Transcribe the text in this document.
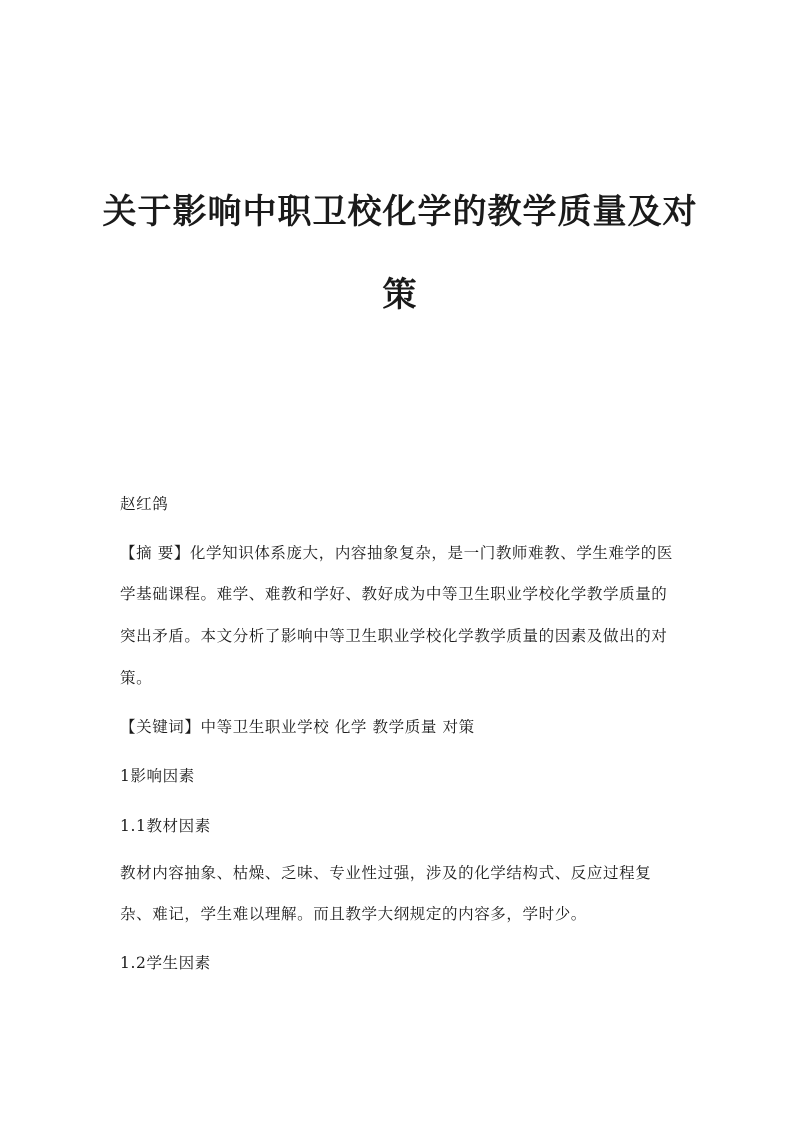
关于影响中职卫校化学的教学质量及对
策
赵红鸽
【摘 要】化学知识体系庞大，内容抽象复杂，是一门教师难教、学生难学的医
学基础课程。难学、难教和学好、教好成为中等卫生职业学校化学教学质量的
突出矛盾。本文分析了影响中等卫生职业学校化学教学质量的因素及做出的对
策。
【关键词】中等卫生职业学校 化学 教学质量 对策
1影响因素
1.1教材因素
教材内容抽象、枯燥、乏味、专业性过强，涉及的化学结构式、反应过程复
杂、难记，学生难以理解。而且教学大纲规定的内容多，学时少。
1.2学生因素
